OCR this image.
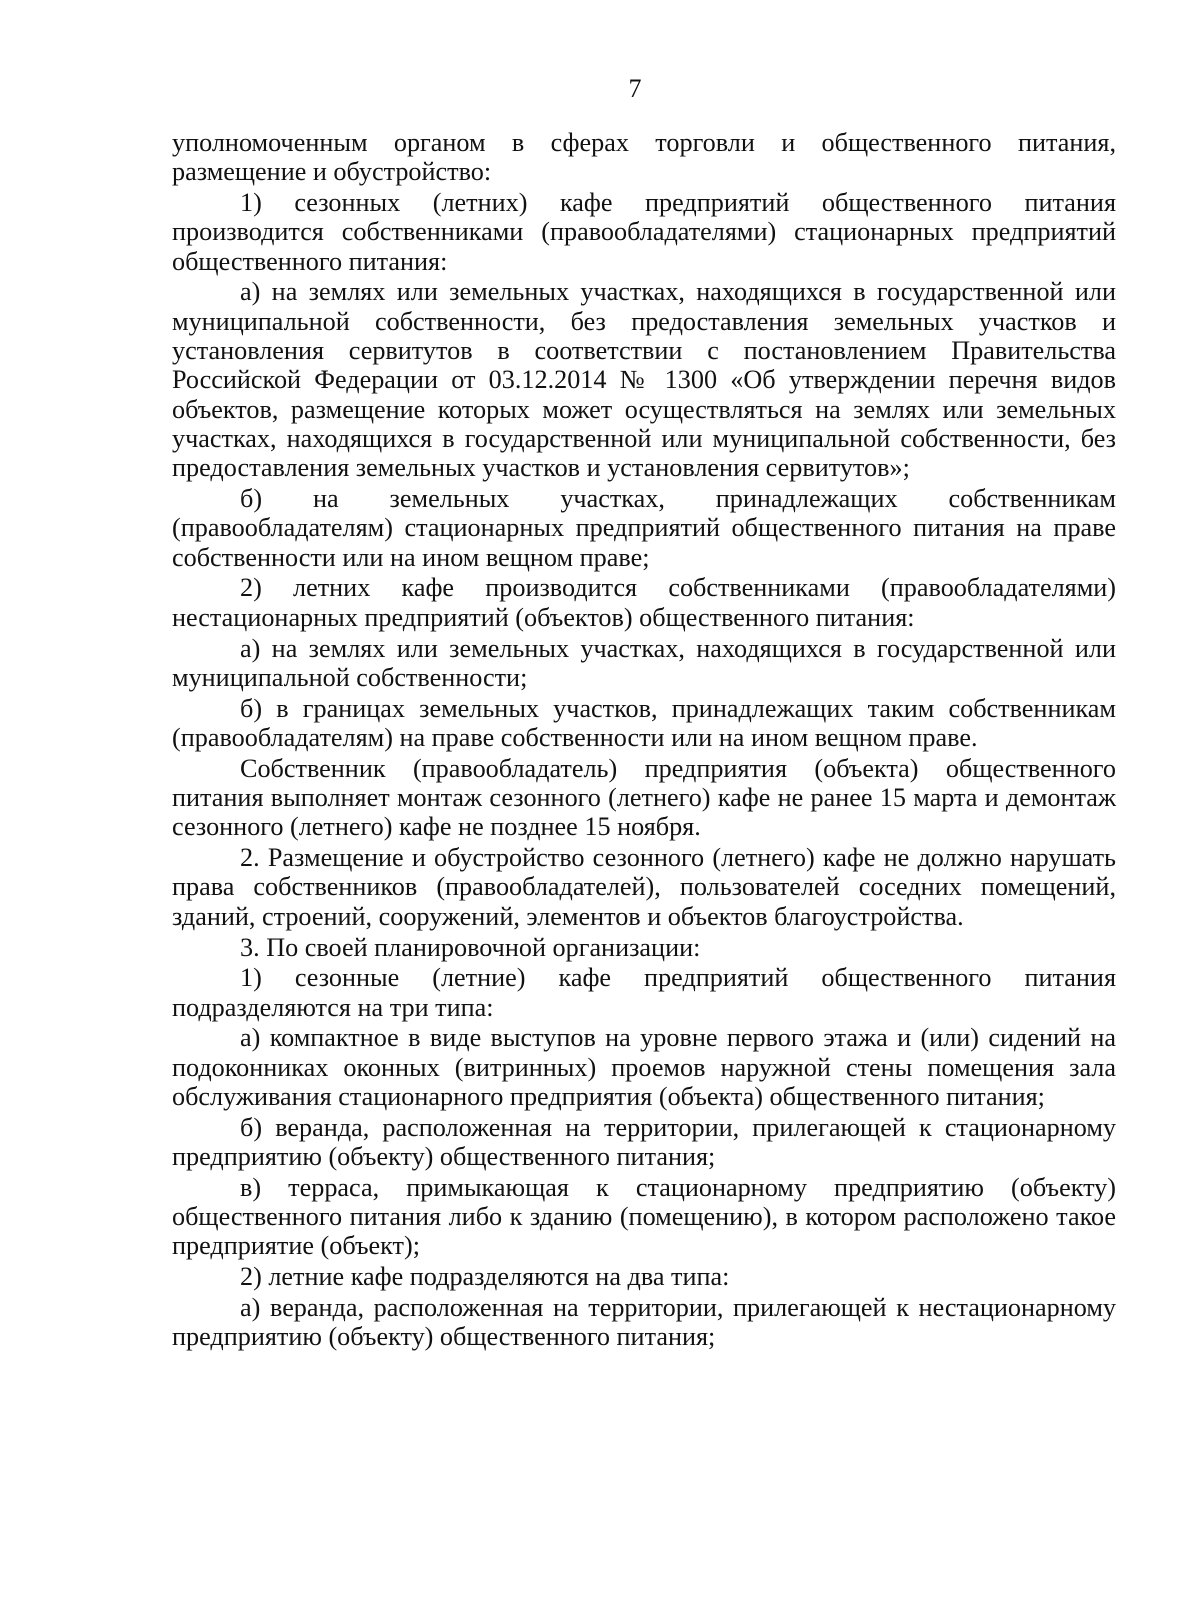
7

уполномоченным органом в сферах торговли и общественного питания, размещение и обустройство:

1) сезонных (летних) кафе предприятий общественного питания производится собственниками (правообладателями) стационарных предприятий общественного питания:

а) на землях или земельных участках, находящихся в государственной или муниципальной собственности, без предоставления земельных участков и установления сервитутов в соответствии с постановлением Правительства Российской Федерации от 03.12.2014 № 1300 «Об утверждении перечня видов объектов, размещение которых может осуществляться на землях или земельных участках, находящихся в государственной или муниципальной собственности, без предоставления земельных участков и установления сервитутов»;

б) на земельных участках, принадлежащих собственникам (правообладателям) стационарных предприятий общественного питания на праве собственности или на ином вещном праве;

2) летних кафе производится собственниками (правообладателями) нестационарных предприятий (объектов) общественного питания:

а) на землях или земельных участках, находящихся в государственной или муниципальной собственности;

б) в границах земельных участков, принадлежащих таким собственникам (правообладателям) на праве собственности или на ином вещном праве.

Собственник (правообладатель) предприятия (объекта) общественного питания выполняет монтаж сезонного (летнего) кафе не ранее 15 марта и демонтаж сезонного (летнего) кафе не позднее 15 ноября.

2. Размещение и обустройство сезонного (летнего) кафе не должно нарушать права собственников (правообладателей), пользователей соседних помещений, зданий, строений, сооружений, элементов и объектов благоустройства.

3. По своей планировочной организации:

1) сезонные (летние) кафе предприятий общественного питания подразделяются на три типа:

а) компактное в виде выступов на уровне первого этажа и (или) сидений на подоконниках оконных (витринных) проемов наружной стены помещения зала обслуживания стационарного предприятия (объекта) общественного питания;

б) веранда, расположенная на территории, прилегающей к стационарному предприятию (объекту) общественного питания;

в) терраса, примыкающая к стационарному предприятию (объекту) общественного питания либо к зданию (помещению), в котором расположено такое предприятие (объект);

2) летние кафе подразделяются на два типа:

а) веранда, расположенная на территории, прилегающей к нестационарному предприятию (объекту) общественного питания;
